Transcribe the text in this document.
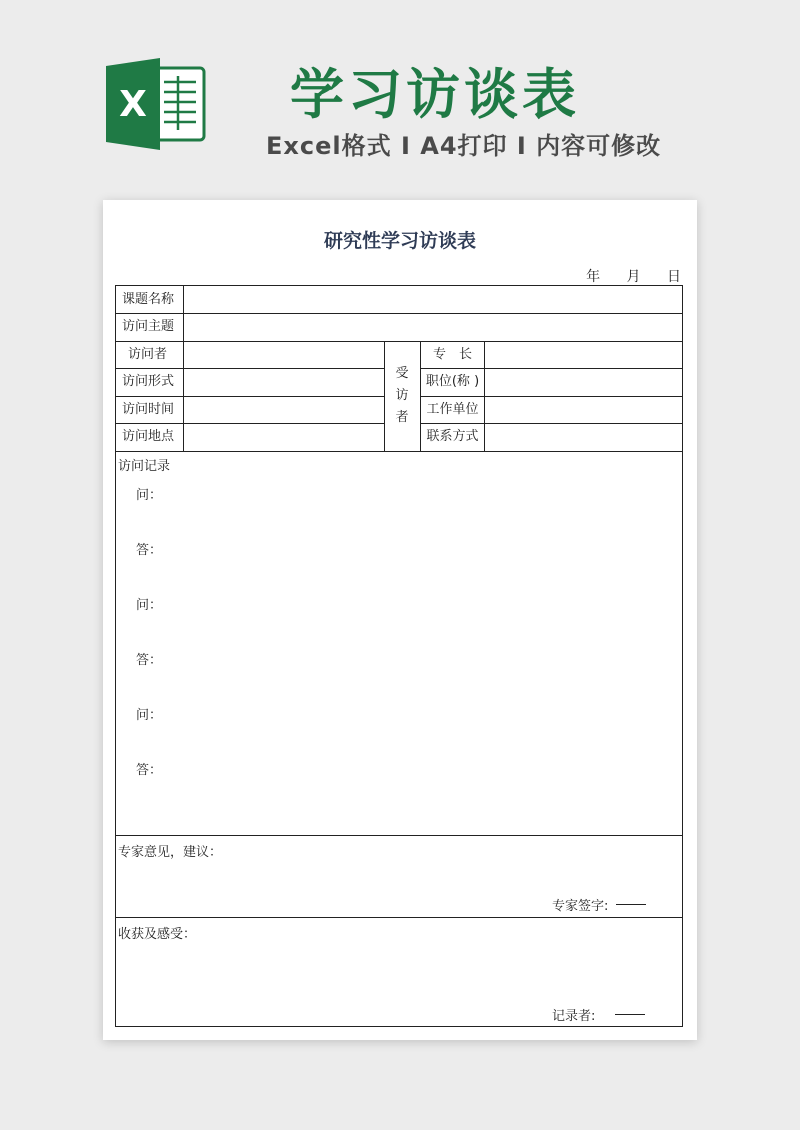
X	学习访谈表
Excel格式 I A4打印 I 内容可修改
研究性学习访谈表
年 月 日
课题名称
访问主题
访问者
访问形式
访问时间
访问地点
受
访
者
专　长
职位(称 )
工作单位
联系方式
访问记录
问：
答：
问：
答：
问：
答：
专家意见，建议：
专家签字:
收获及感受：
记录者:
